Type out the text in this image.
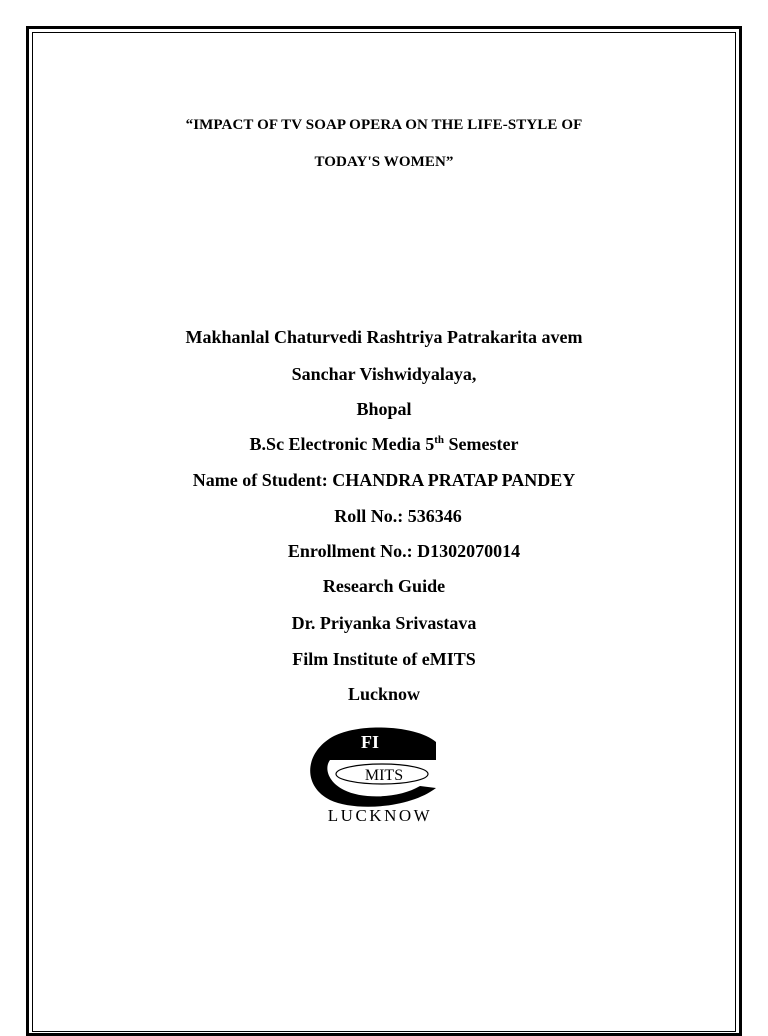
“IMPACT OF TV SOAP OPERA ON THE LIFE-STYLE OF
TODAY'S WOMEN”
Makhanlal Chaturvedi Rashtriya Patrakarita avem
Sanchar Vishwidyalaya,
Bhopal
B.Sc Electronic Media 5th Semester
Name of Student: CHANDRA PRATAP PANDEY
Roll No.: 536346
Enrollment No.: D1302070014
Research Guide
Dr. Priyanka Srivastava
Film Institute of eMITS
Lucknow
FI
MITS
LUCKNOW
